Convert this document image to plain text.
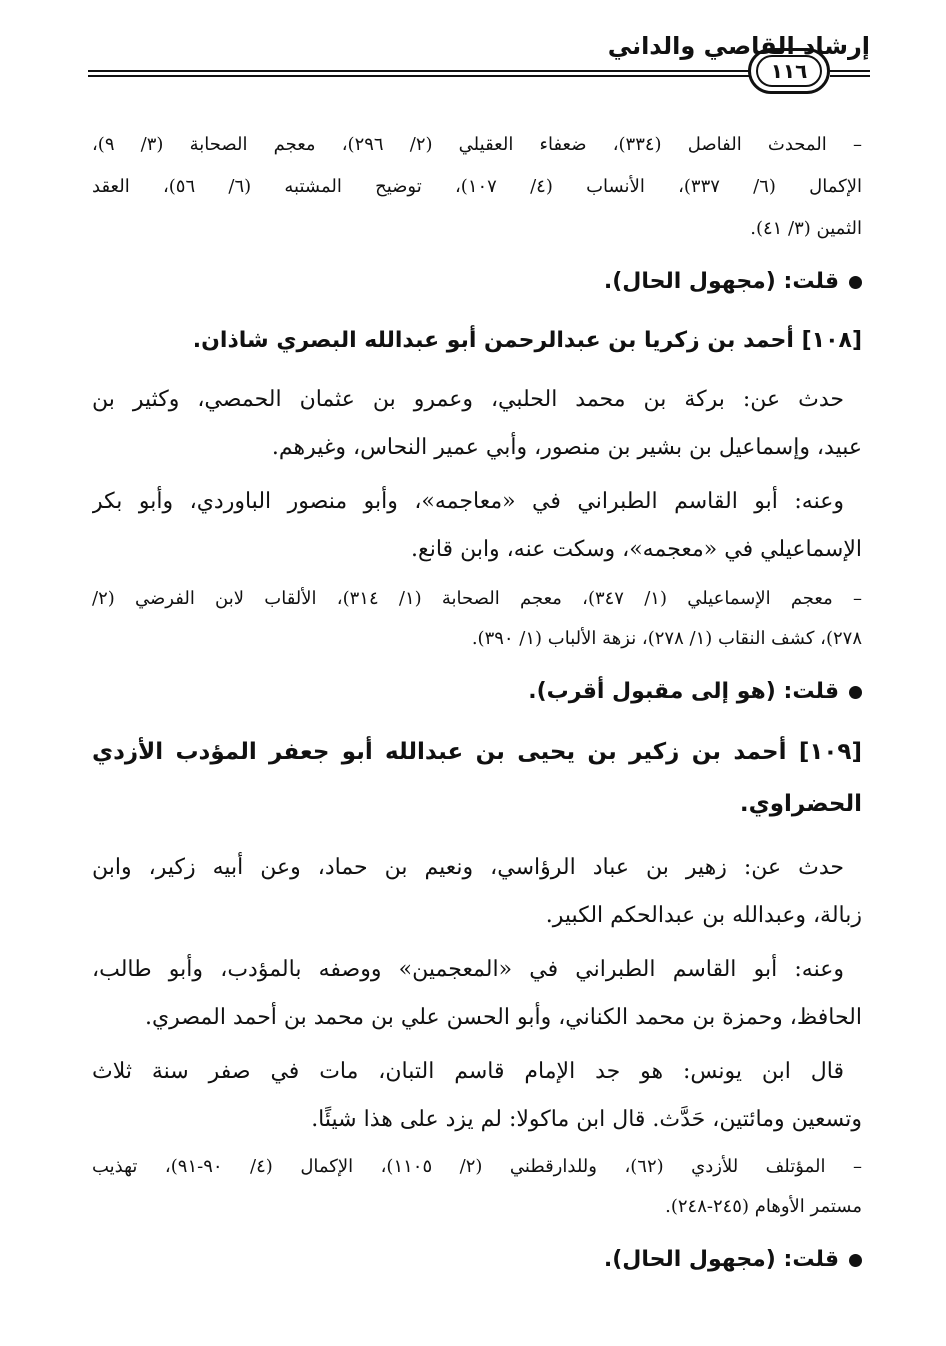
١١٦
إرشاد القاصي والداني
– المحدث الفاصل (٣٣٤)، ضعفاء العقيلي (٢/ ٢٩٦)، معجم الصحابة (٣/ ٩)،
الإكمال (٦/ ٣٣٧)، الأنساب (٤/ ١٠٧)، توضيح المشتبه (٦/ ٥٦)، العقد
الثمين (٣/ ٤١).
قلت: (مجهول الحال).
[١٠٨] أحمد بن زكريا بن عبدالرحمن أبو عبدالله البصري شاذان.
حدث عن: بركة بن محمد الحلبي، وعمرو بن عثمان الحمصي، وكثير بن
عبيد، وإسماعيل بن بشير بن منصور، وأبي عمير النحاس، وغيرهم.
وعنه: أبو القاسم الطبراني في «معاجمه»، وأبو منصور الباوردي، وأبو بكر
الإسماعيلي في «معجمه»، وسكت عنه، وابن قانع.
– معجم الإسماعيلي (١/ ٣٤٧)، معجم الصحابة (١/ ٣١٤)، الألقاب لابن الفرضي (٢/
٢٧٨)، كشف النقاب (١/ ٢٧٨)، نزهة الألباب (١/ ٣٩٠).
قلت: (هو إلى مقبول أقرب).
[١٠٩] أحمد بن زكير بن يحيى بن عبدالله أبو جعفر المؤدب الأزدي
الحضراوي.
حدث عن: زهير بن عباد الرؤاسي، ونعيم بن حماد، وعن أبيه زكير، وابن
زبالة، وعبدالله بن عبدالحكم الكبير.
وعنه: أبو القاسم الطبراني في «المعجمين» ووصفه بالمؤدب، وأبو طالب،
الحافظ، وحمزة بن محمد الكناني، وأبو الحسن علي بن محمد بن أحمد المصري.
قال ابن يونس: هو جد الإمام قاسم التبان، مات في صفر سنة ثلاث
وتسعين ومائتين، حَدَّث. قال ابن ماكولا: لم يزد على هذا شيئًا.
– المؤتلف للأزدي (٦٢)، وللدارقطني (٢/ ١١٠٥)، الإكمال (٤/ ٩٠-٩١)، تهذيب
مستمر الأوهام (٢٤٥-٢٤٨).
قلت: (مجهول الحال).
